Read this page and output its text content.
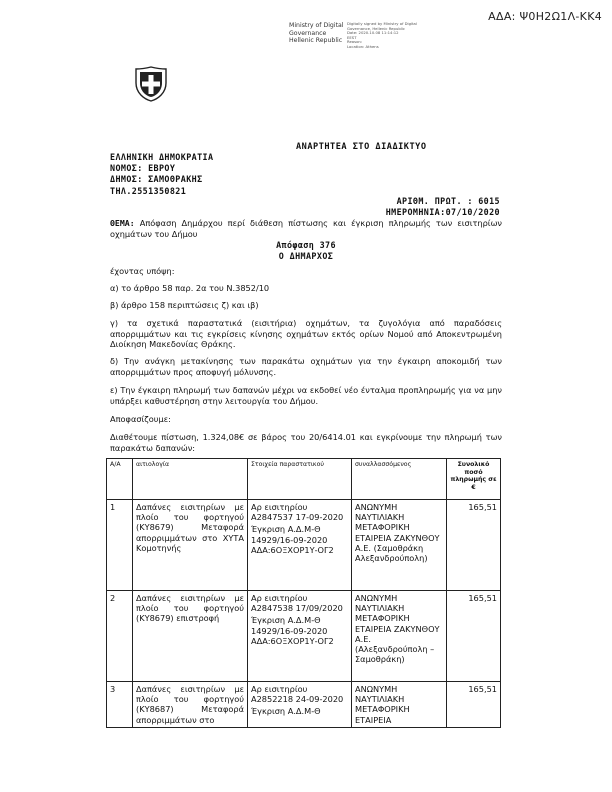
ΑΔΑ: Ψ0Η2Ω1Λ-ΚΚ4
Ministry of Digital
Governance
Hellenic Republic
Digitally signed by Ministry of Digital
Governance, Hellenic Republic
Date: 2020.10.08 11:14:12
EEST
Reason:
Location: Athens
ΑΝΑΡΤΗΤΕΑ ΣΤΟ ΔΙΑΔΙΚΤΥΟ
ΕΛΛΗΝΙΚΗ ΔΗΜΟΚΡΑΤΙΑ
ΝΟΜΟΣ: ΕΒΡΟΥ
ΔΗΜΟΣ: ΣΑΜΟΘΡΑΚΗΣ
ΤΗΛ.2551350821
ΑΡΙΘΜ. ΠΡΩΤ. : 6015
ΗΜΕΡΟΜΗΝΙΑ:07/10/2020
ΘΕΜΑ: Απόφαση Δημάρχου περί διάθεση πίστωσης και έγκριση πληρωμής των εισιτηρίων οχημάτων του Δήμου
Απόφαση 376
Ο ΔΗΜΑΡΧΟΣ
έχοντας υπόψη:
α) το άρθρο 58 παρ. 2α του Ν.3852/10
β) άρθρο 158 περιπτώσεις ζ) και ιβ)
γ) τα σχετικά παραστατικά (εισιτήρια) οχημάτων, τα ζυγολόγια από παραδόσεις απορριμμάτων και τις εγκρίσεις κίνησης οχημάτων εκτός ορίων Νομού από Αποκεντρωμένη Διοίκηση Μακεδονίας Θράκης.
δ) Την ανάγκη μετακίνησης των παρακάτω οχημάτων για την έγκαιρη αποκομιδή των απορριμμάτων προς αποφυγή μόλυνσης.
ε) Την έγκαιρη πληρωμή των δαπανών μέχρι να εκδοθεί νέο ένταλμα προπληρωμής για να μην υπάρξει καθυστέρηση στην λειτουργία του Δήμου.
Αποφασίζουμε:
Διαθέτουμε πίστωση, 1.324,08€ σε βάρος του 20/6414.01 και εγκρίνουμε την πληρωμή των παρακάτω δαπανών:
Α/Α	αιτιολογία	Στοιχεία παραστατικού	συναλλασσόμενος	Συνολικό ποσό πληρωμής σε €
1	Δαπάνες εισιτηρίων με πλοίο του φορτηγού (ΚΥ8679) Μεταφορά απορριμμάτων στο ΧΥΤΑ Κομοτηνής	Αρ εισιτηρίου Α2847537 17-09-2020
Έγκριση Α.Δ.Μ-Θ 14929/16-09-2020 ΑΔΑ:6ΟΞΧΟΡ1Υ-ΟΓ2	ΑΝΩΝΥΜΗ ΝΑΥΤΙΛΙΑΚΗ ΜΕΤΑΦΟΡΙΚΗ ΕΤΑΙΡΕΙΑ ΖΑΚΥΝΘΟΥ Α.Ε. (Σαμοθράκη Αλεξανδρούπολη)	165,51
2	Δαπάνες εισιτηρίων με πλοίο του φορτηγού (ΚΥ8679) επιστροφή	Αρ εισιτηρίου Α2847538 17/09/2020
Έγκριση Α.Δ.Μ-Θ 14929/16-09-2020 ΑΔΑ:6ΟΞΧΟΡ1Υ-ΟΓ2	ΑΝΩΝΥΜΗ ΝΑΥΤΙΛΙΑΚΗ ΜΕΤΑΦΟΡΙΚΗ ΕΤΑΙΡΕΙΑ ΖΑΚΥΝΘΟΥ Α.Ε. (Αλεξανδρούπολη – Σαμοθράκη)	165,51
3	Δαπάνες εισιτηρίων με πλοίο του φορτηγού (ΚΥ8687) Μεταφορά απορριμμάτων στο	Αρ εισιτηρίου Α2852218 24-09-2020
Έγκριση Α.Δ.Μ-Θ	ΑΝΩΝΥΜΗ ΝΑΥΤΙΛΙΑΚΗ ΜΕΤΑΦΟΡΙΚΗ ΕΤΑΙΡΕΙΑ	165,51
